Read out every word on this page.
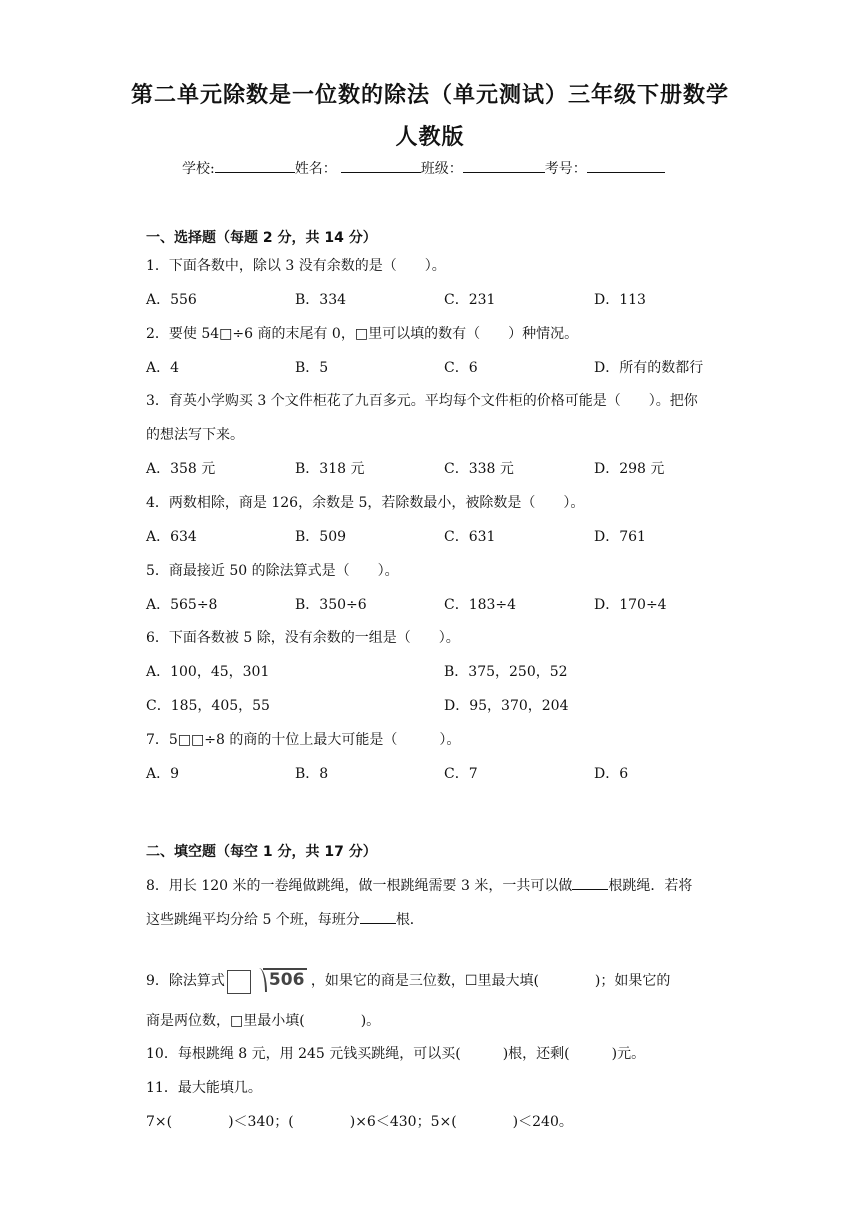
第二单元除数是一位数的除法（单元测试）三年级下册数学
人教版
学校:	姓名：	班级：	考号：
一、选择题（每题 2 分，共 14 分）
1．下面各数中，除以 3 没有余数的是（　　）。
A．556	B．334	C．231	D．113
2．要使 54□÷6 商的末尾有 0，□里可以填的数有（　　）种情况。
A．4	B．5	C．6	D．所有的数都行
3．育英小学购买 3 个文件柜花了九百多元。平均每个文件柜的价格可能是（　　）。把你
的想法写下来。
A．358 元	B．318 元	C．338 元	D．298 元
4．两数相除，商是 126，余数是 5，若除数最小，被除数是（　　）。
A．634	B．509	C．631	D．761
5．商最接近 50 的除法算式是（　　）。
A．565÷8	B．350÷6	C．183÷4	D．170÷4
6．下面各数被 5 除，没有余数的一组是（　　）。
A．100，45，301	B．375，250，52
C．185，405，55	D．95，370，204
7．5□□÷8 的商的十位上最大可能是（　　　）。
A．9	B．8	C．7	D．6
二、填空题（每空 1 分，共 17 分）
8．用长 120 米的一卷绳做跳绳，做一根跳绳需要 3 米，一共可以做	根跳绳．若将
这些跳绳平均分给 5 个班，每班分	根．
9．除法算式	506 ，如果它的商是三位数，☐里最大填(　　　　)；如果它的
商是两位数，□里最小填(　　　　)。
10．每根跳绳 8 元，用 245 元钱买跳绳，可以买(　　　)根，还剩(　　　)元。
11．最大能填几。
7×(　　　　)＜340；(　　　　)×6＜430；5×(　　　　)＜240。
